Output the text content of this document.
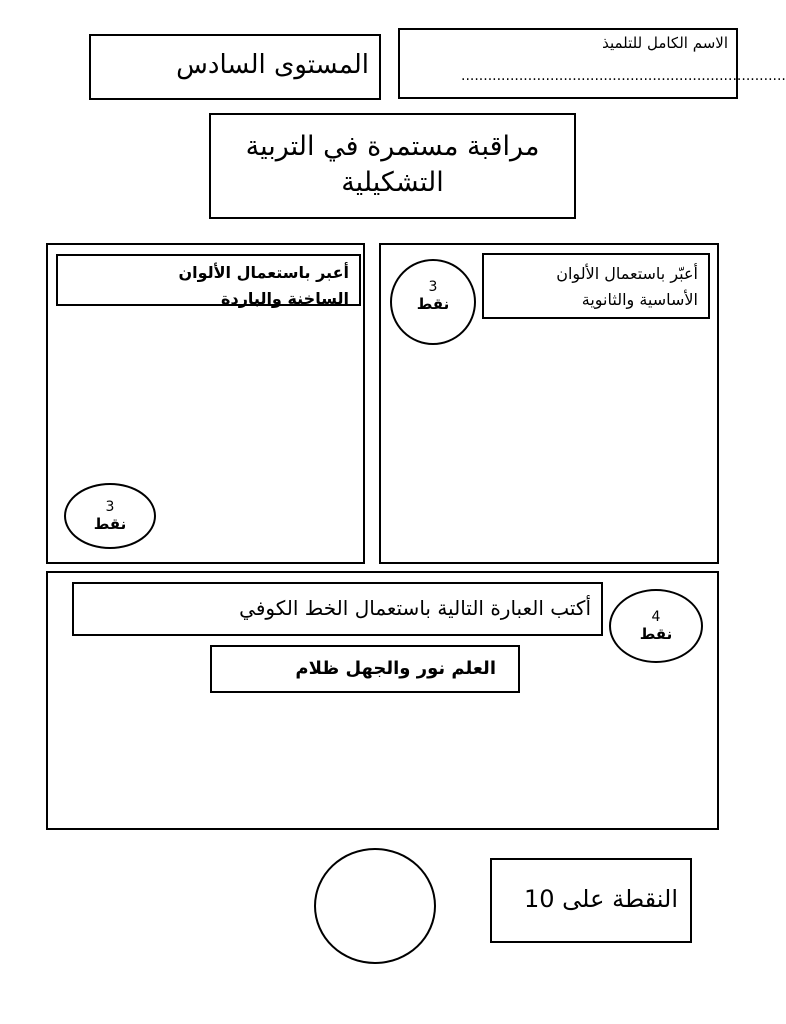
المستوى السادس
الاسم الكامل للتلميذ
.........................................................................
مراقبة مستمرة في التربية
التشكيلية
أعبر باستعمال الألوان
الساخنة والباردة
3
نقط
أعبّر باستعمال الألوان
الأساسية والثانوية
3
نقط
أكتب العبارة التالية باستعمال الخط الكوفي	4
نقط
العلم نور والجهل ظلام
النقطة على 10
